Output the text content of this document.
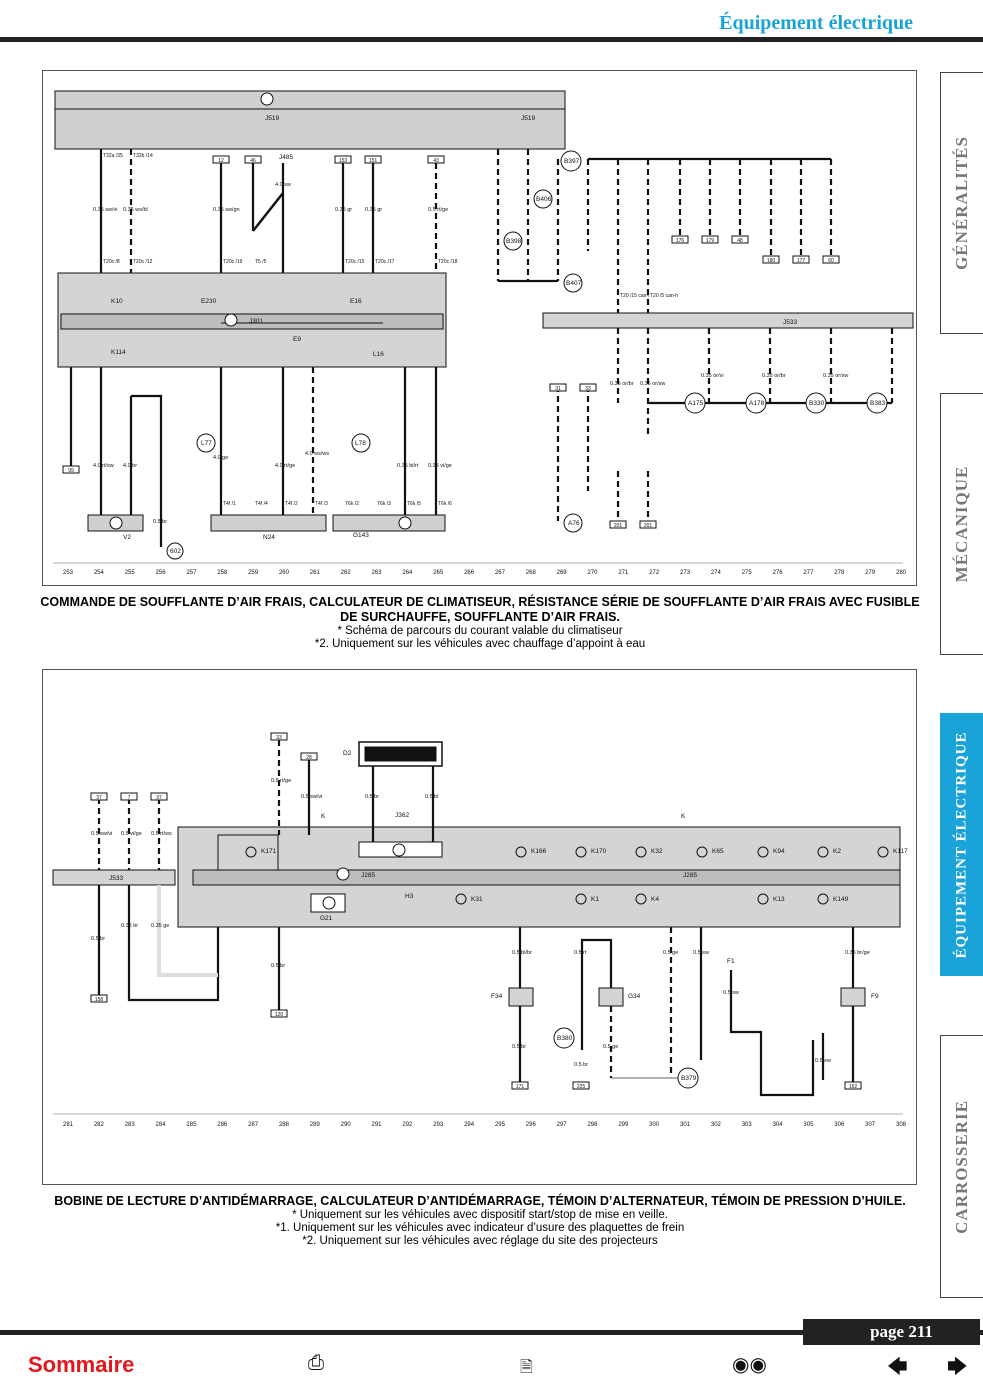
Équipement électrique
GÉNÉRALITÉS
MÉCANIQUE
ÉQUIPEMENT ÉLECTRIQUE
CARROSSERIE
J519	J519
J301	J533
K10	E230	E16
E9
K114	L16
L77	L78
V2	N24	G143
B397
B406
B398
B407
A175	A178	B330	B383
A76
602
J485
0.35 sw/vi 0.35 ws/bl	0.35 sw/gn
4.0 sw
0.35 gr 0.35 gr	0.5 rt/ge
4.0 rt/sw 4.0 br
4.0 ge
4.0 rt/ge
4.0 ws/ws
0.35 bl/rt 0.35 vi/ge
0.35 or/br 0.35 or/sw
0.35 or/vi	0.35 or/br	0.35 or/sw
0.5 br
T32a /35 T32b /14
T20c /8	T20c /12	T20c /19	T5 /5	T20c /15 T20c /17	T20c /18
T20 /15 can-l T20 /5 can-h
T4f /1	T4f /4	T4f /2	T4f /3	T6k /2	T6k /3	T6k /5	T6k /6
12	46	153	151	43
176	179	48
180	177	60
31	33
201	201
99
253	254	255	256	257	258	259	260	261	262	263	264	265	266	267	268	269	270	271	272	273	274	275	276	277	278	279	280
COMMANDE DE SOUFFLANTE D’AIR FRAIS, CALCULATEUR DE CLIMATISEUR, RÉSISTANCE SÉRIE DE SOUFFLANTE D’AIR FRAIS AVEC FUSIBLE DE SURCHAUFFE, SOUFFLANTE D’AIR FRAIS.
* Schéma de parcours du courant valable du climatiseur
*2. Uniquement sur les véhicules avec chauffage d’appoint à eau
J533	J285	J285
J362
D2
K	K
K171	K166	K170	K32	K65	K94	K2	K117
H3	K31	K1	K4	K13	K149
G21
F34	G34	F9
F1
B380
B379
0.5 sw/vi 0.5 vi/ge 0.5 rt/ws
0.5 rt/ge
0.5 sw/vi	0.5 br	0.5 bl
0.5 br
0.35 br 0.35 ge
0.5 br
0.5 bl/br	0.5 rt	0.5 ge	0.5 sw
0.5 sw
0.35 br/ge
0.5 br
0.5 br
0.5 ge
0.5 sw
37	7	37
33
28
158
120
171	225	162
281	282	283	284	285	286	287	288	289	290	291	292	293	294	295	296	297	298	299	300	301	302	303	304	305	306	307	308
BOBINE DE LECTURE D’ANTIDÉMARRAGE, CALCULATEUR D’ANTIDÉMARRAGE, TÉMOIN D’ALTERNATEUR, TÉMOIN DE PRESSION D’HUILE.
* Uniquement sur les véhicules avec dispositif start/stop de mise en veille.
*1. Uniquement sur les véhicules avec indicateur d’usure des plaquettes de frein
*2. Uniquement sur les véhicules avec réglage du site des projecteurs
page 211
Sommaire	⎙	🗎	◉◉	🡄 🡆
